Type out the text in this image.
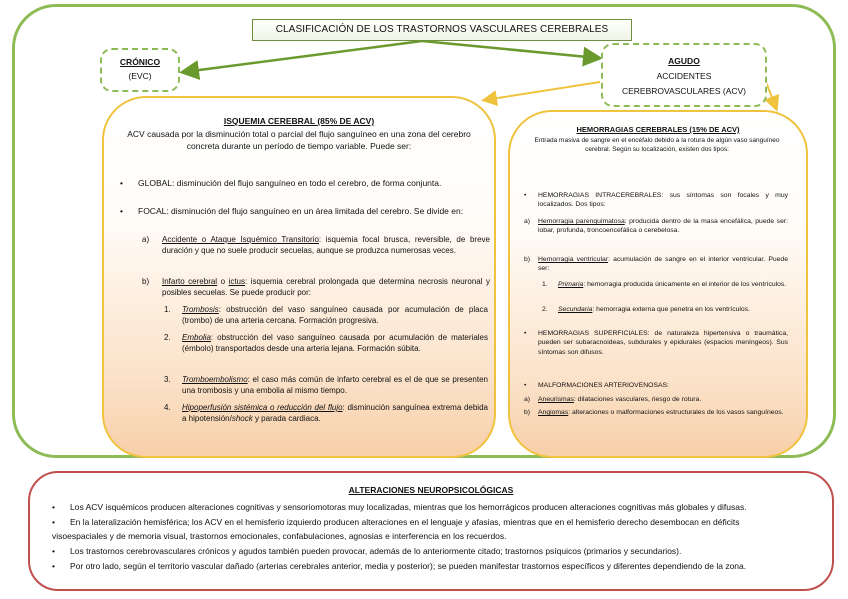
CLASIFICACIÓN DE LOS TRASTORNOS VASCULARES CEREBRALES
CRÓNICO
(EVC)
AGUDO
ACCIDENTES
CEREBROVASCULARES (ACV)
ISQUEMIA CEREBRAL (85% DE ACV)
ACV causada por la disminución total o parcial del flujo sanguíneo en una zona del cerebro concreta durante un período de tiempo variable. Puede ser:
• GLOBAL: disminución del flujo sanguíneo en todo el cerebro, de forma conjunta.
• FOCAL: disminución del flujo sanguíneo en un área limitada del cerebro. Se divide en:
a) Accidente o Ataque Isquémico Transitorio: isquemia focal brusca, reversible, de breve duración y que no suele producir secuelas, aunque se produzca numerosas veces.
b) Infarto cerebral o ictus: isquemia cerebral prolongada que determina necrosis neuronal y posibles secuelas. Se puede producir por:
1. Trombosis: obstrucción del vaso sanguíneo causada por acumulación de placa (trombo) de una arteria cercana. Formación progresiva.
2. Embolia: obstrucción del vaso sanguíneo causada por acumulación de materiales (émbolo) transportados desde una arteria lejana. Formación súbita.
3. Tromboembolismo: el caso más común de infarto cerebral es el de que se presenten una trombosis y una embolia al mismo tiempo.
4. Hipoperfusión sistémica o reducción del flujo: disminución sanguínea extrema debida a hipotensión/shock y parada cardiaca.
HEMORRAGIAS CEREBRALES (15% DE ACV)
Entrada masiva de sangre en el encéfalo debido a la rotura de algún vaso sanguíneo cerebral. Según su localización, existen dos tipos:
• HEMORRAGIAS INTRACEREBRALES: sus síntomas son focales y muy localizados. Dos tipos:
a) Hemorragia parenquimatosa: producida dentro de la masa encefálica, puede ser: lobar, profunda, troncoencefálica o cerebelosa.
b) Hemorragia ventricular: acumulación de sangre en el interior ventricular. Puede ser:
1. Primaria: hemorragia producida únicamente en el interior de los ventrículos.
2. Secundaria: hemorragia externa que penetra en los ventrículos.
• HEMORRAGIAS SUPERFICIALES: de naturaleza hipertensiva o traumática, pueden ser subaracnoideas, subdurales y epidurales (espacios meníngeos). Sus síntomas son difusos.
• MALFORMACIONES ARTERIOVENOSAS:
a) Aneurismas: dilataciones vasculares, riesgo de rotura.
b) Angiomas: alteraciones o malformaciones estructurales de los vasos sanguíneos.
ALTERACIONES NEUROPSICOLÓGICAS
• Los ACV isquémicos producen alteraciones cognitivas y sensoriomotoras muy localizadas, mientras que los hemorrágicos producen alteraciones cognitivas más globales y difusas.
• En la lateralización hemisférica; los ACV en el hemisferio izquierdo producen alteraciones en el lenguaje y afasias, mientras que en el hemisferio derecho desembocan en déficits
visoespaciales y de memoria visual, trastornos emocionales, confabulaciones, agnosias e interferencia en los recuerdos.
• Los trastornos cerebrovasculares crónicos y agudos también pueden provocar, además de lo anteriormente citado; trastornos psíquicos (primarios y secundarios).
• Por otro lado, según el territorio vascular dañado (arterias cerebrales anterior, media y posterior); se pueden manifestar trastornos específicos y diferentes dependiendo de la zona.
